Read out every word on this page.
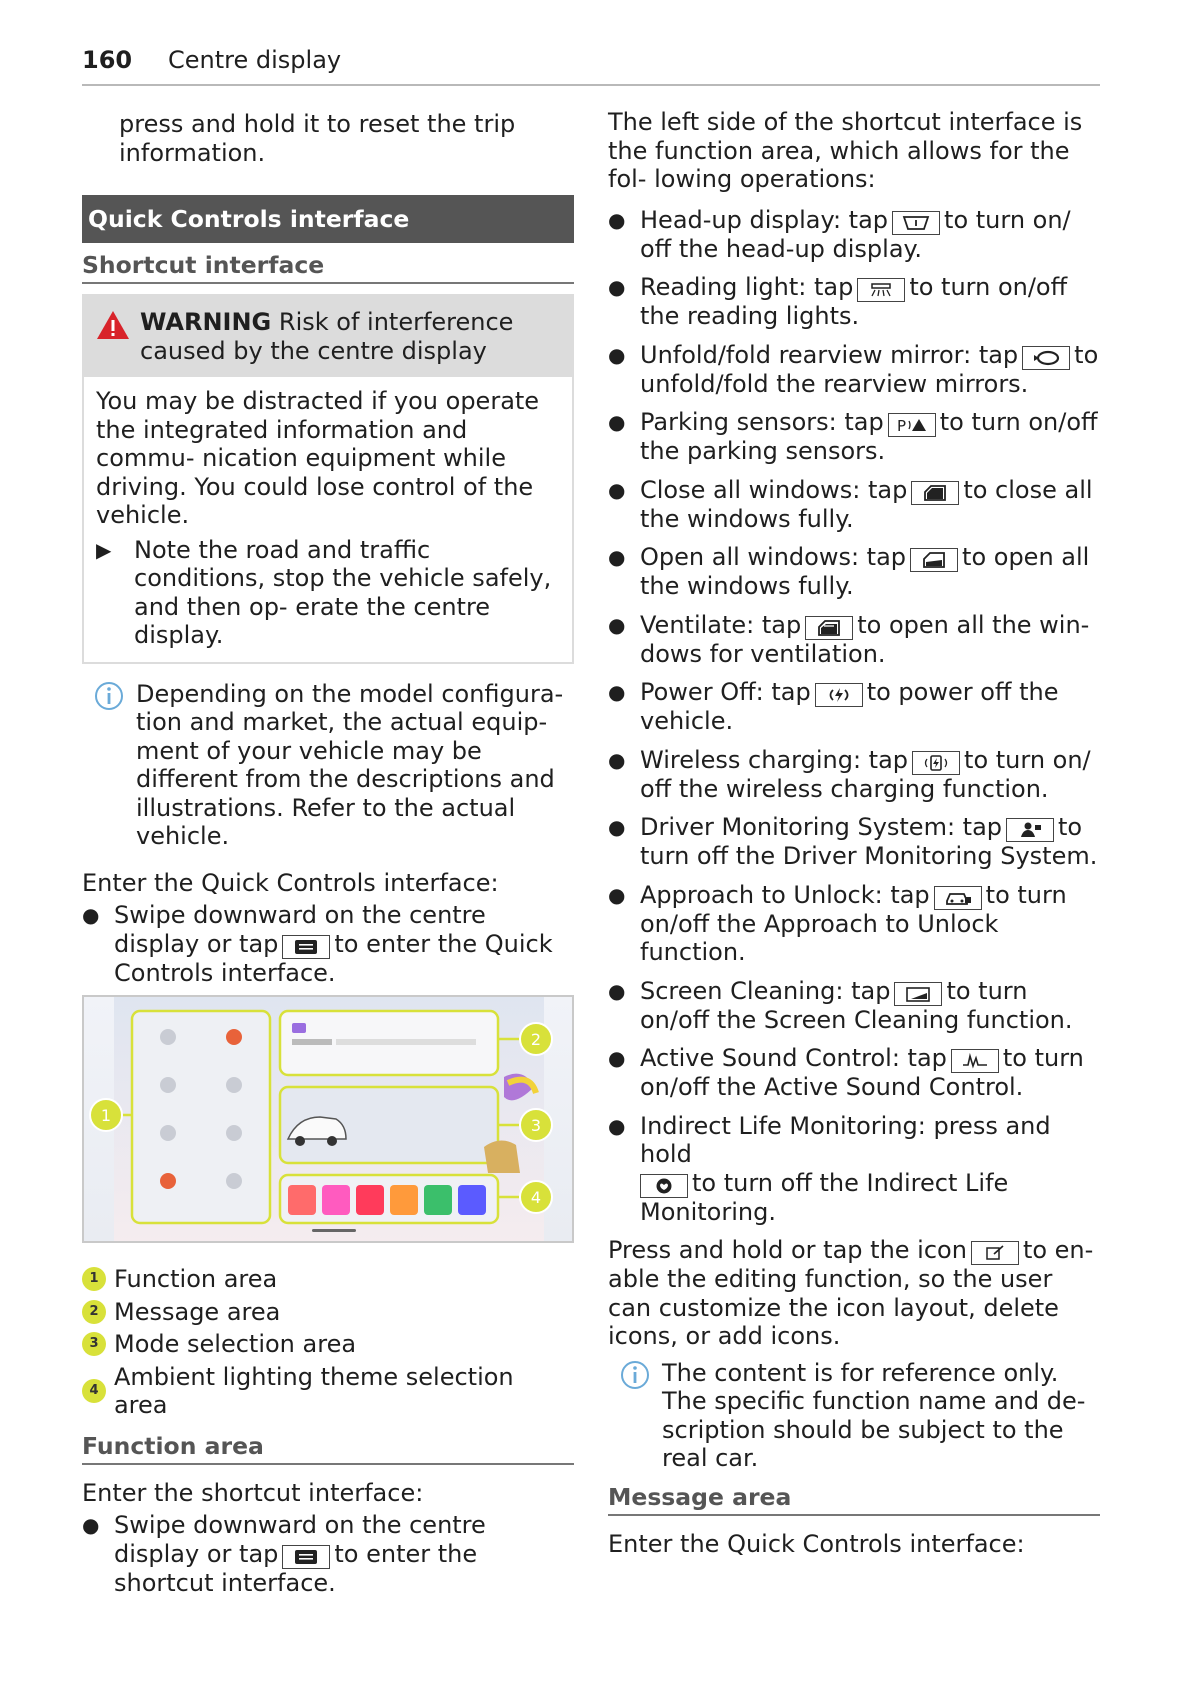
160 Centre display

press and hold it to reset the trip information.

Quick Controls interface
Shortcut interface
WARNING Risk of interference caused by the centre display

You may be distracted if you operate the integrated information and commu- nication equipment while driving. You could lose control of the vehicle.

▶ Note the road and traffic conditions, stop the vehicle safely, and then op- erate the centre display.

Depending on the model configura- tion and market, the actual equip- ment of your vehicle may be different from the descriptions and illustrations. Refer to the actual vehicle.

Enter the Quick Controls interface:

● Swipe downward on the centre display or tap to enter the Quick Controls interface.
1
2
3
4
1 Function area
2 Message area
3 Mode selection area
4 Ambient lighting theme selection area
Function area

Enter the shortcut interface:

● Swipe downward on the centre display or tap to enter the shortcut interface.

The left side of the shortcut interface is the function area, which allows for the fol- lowing operations:

● Head-up display: tap to turn on/ off the head-up display.
● Reading light: tap to turn on/off the reading lights.
● Unfold/fold rearview mirror: tap to unfold/fold the rearview mirrors.
● Parking sensors: tap P to turn on/off the parking sensors.
● Close all windows: tap to close all the windows fully.
● Open all windows: tap to open all the windows fully.
● Ventilate: tap to open all the win- dows for ventilation.
● Power Off: tap to power off the vehicle.
● Wireless charging: tap to turn on/ off the wireless charging function.
● Driver Monitoring System: tap to turn off the Driver Monitoring System.
● Approach to Unlock: tap to turn on/off the Approach to Unlock function.
● Screen Cleaning: tap to turn on/off the Screen Cleaning function.
● Active Sound Control: tap to turn on/off the Active Sound Control.
● Indirect Life Monitoring: press and hold
to turn off the Indirect Life Monitoring.

Press and hold or tap the icon to en- able the editing function, so the user can customize the icon layout, delete icons, or add icons.

The content is for reference only. The specific function name and de- scription should be subject to the real car.

Message area

Enter the Quick Controls interface:
